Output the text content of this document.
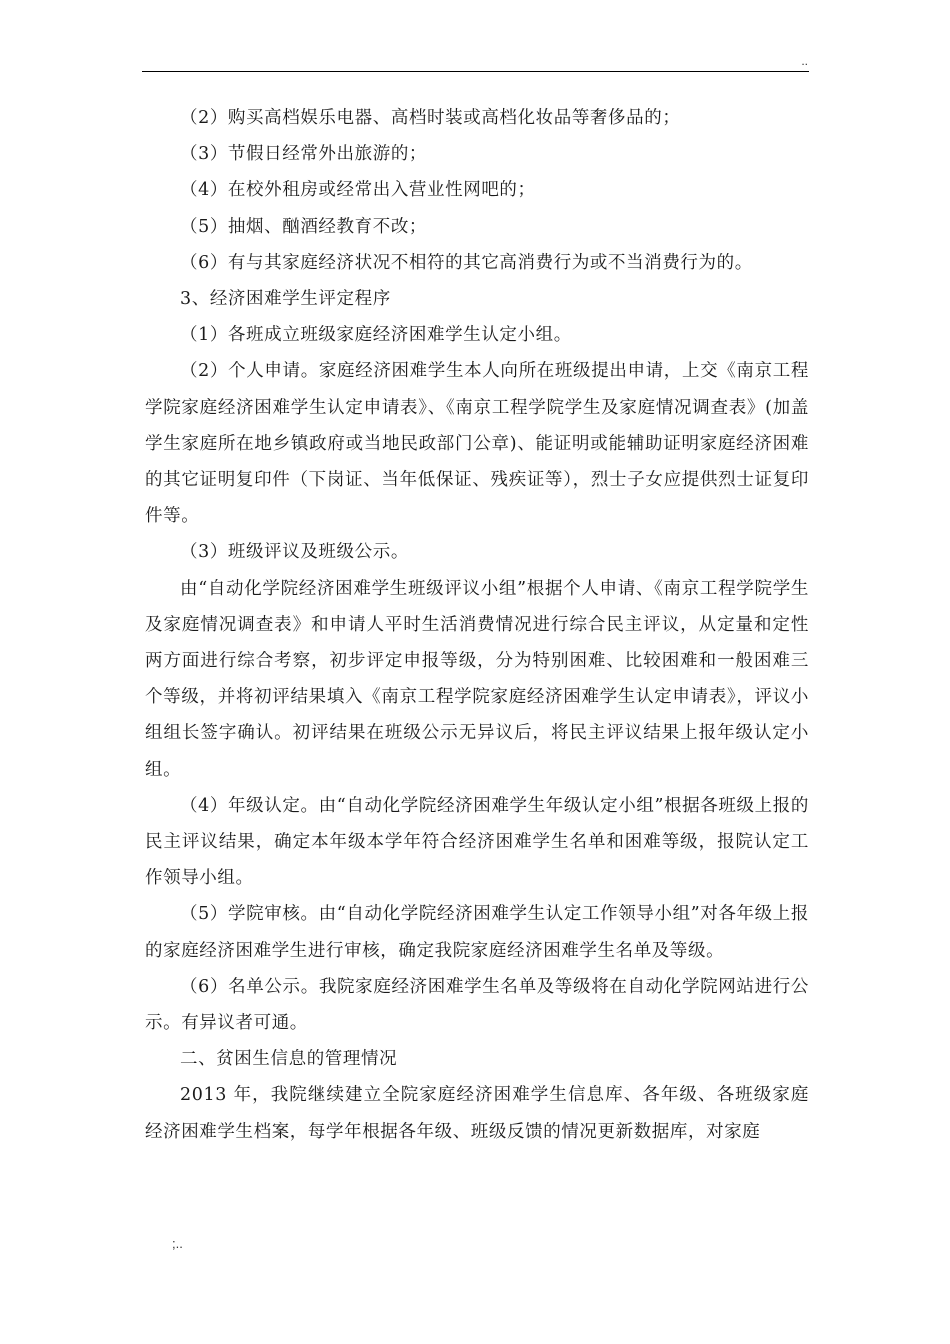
..

（2）购买高档娱乐电器、高档时装或高档化妆品等奢侈品的；

（3）节假日经常外出旅游的；

（4）在校外租房或经常出入营业性网吧的；

（5）抽烟、酗酒经教育不改；

（6）有与其家庭经济状况不相符的其它高消费行为或不当消费行为的。

3、经济困难学生评定程序

（1）各班成立班级家庭经济困难学生认定小组。

（2）个人申请。家庭经济困难学生本人向所在班级提出申请，上交《南京工程学院家庭经济困难学生认定申请表》、《南京工程学院学生及家庭情况调查表》(加盖学生家庭所在地乡镇政府或当地民政部门公章)、能证明或能辅助证明家庭经济困难的其它证明复印件（下岗证、当年低保证、残疾证等），烈士子女应提供烈士证复印件等。

（3）班级评议及班级公示。

由“自动化学院经济困难学生班级评议小组”根据个人申请、《南京工程学院学生及家庭情况调查表》和申请人平时生活消费情况进行综合民主评议，从定量和定性两方面进行综合考察，初步评定申报等级，分为特别困难、比较困难和一般困难三个等级，并将初评结果填入《南京工程学院家庭经济困难学生认定申请表》，评议小组组长签字确认。初评结果在班级公示无异议后，将民主评议结果上报年级认定小组。

（4）年级认定。由“自动化学院经济困难学生年级认定小组”根据各班级上报的民主评议结果，确定本年级本学年符合经济困难学生名单和困难等级，报院认定工作领导小组。

（5）学院审核。由“自动化学院经济困难学生认定工作领导小组”对各年级上报的家庭经济困难学生进行审核，确定我院家庭经济困难学生名单及等级。

（6）名单公示。我院家庭经济困难学生名单及等级将在自动化学院网站进行公示。有异议者可通。

二、贫困生信息的管理情况

2013 年，我院继续建立全院家庭经济困难学生信息库、各年级、各班级家庭经济困难学生档案，每学年根据各年级、班级反馈的情况更新数据库，对家庭

;..
